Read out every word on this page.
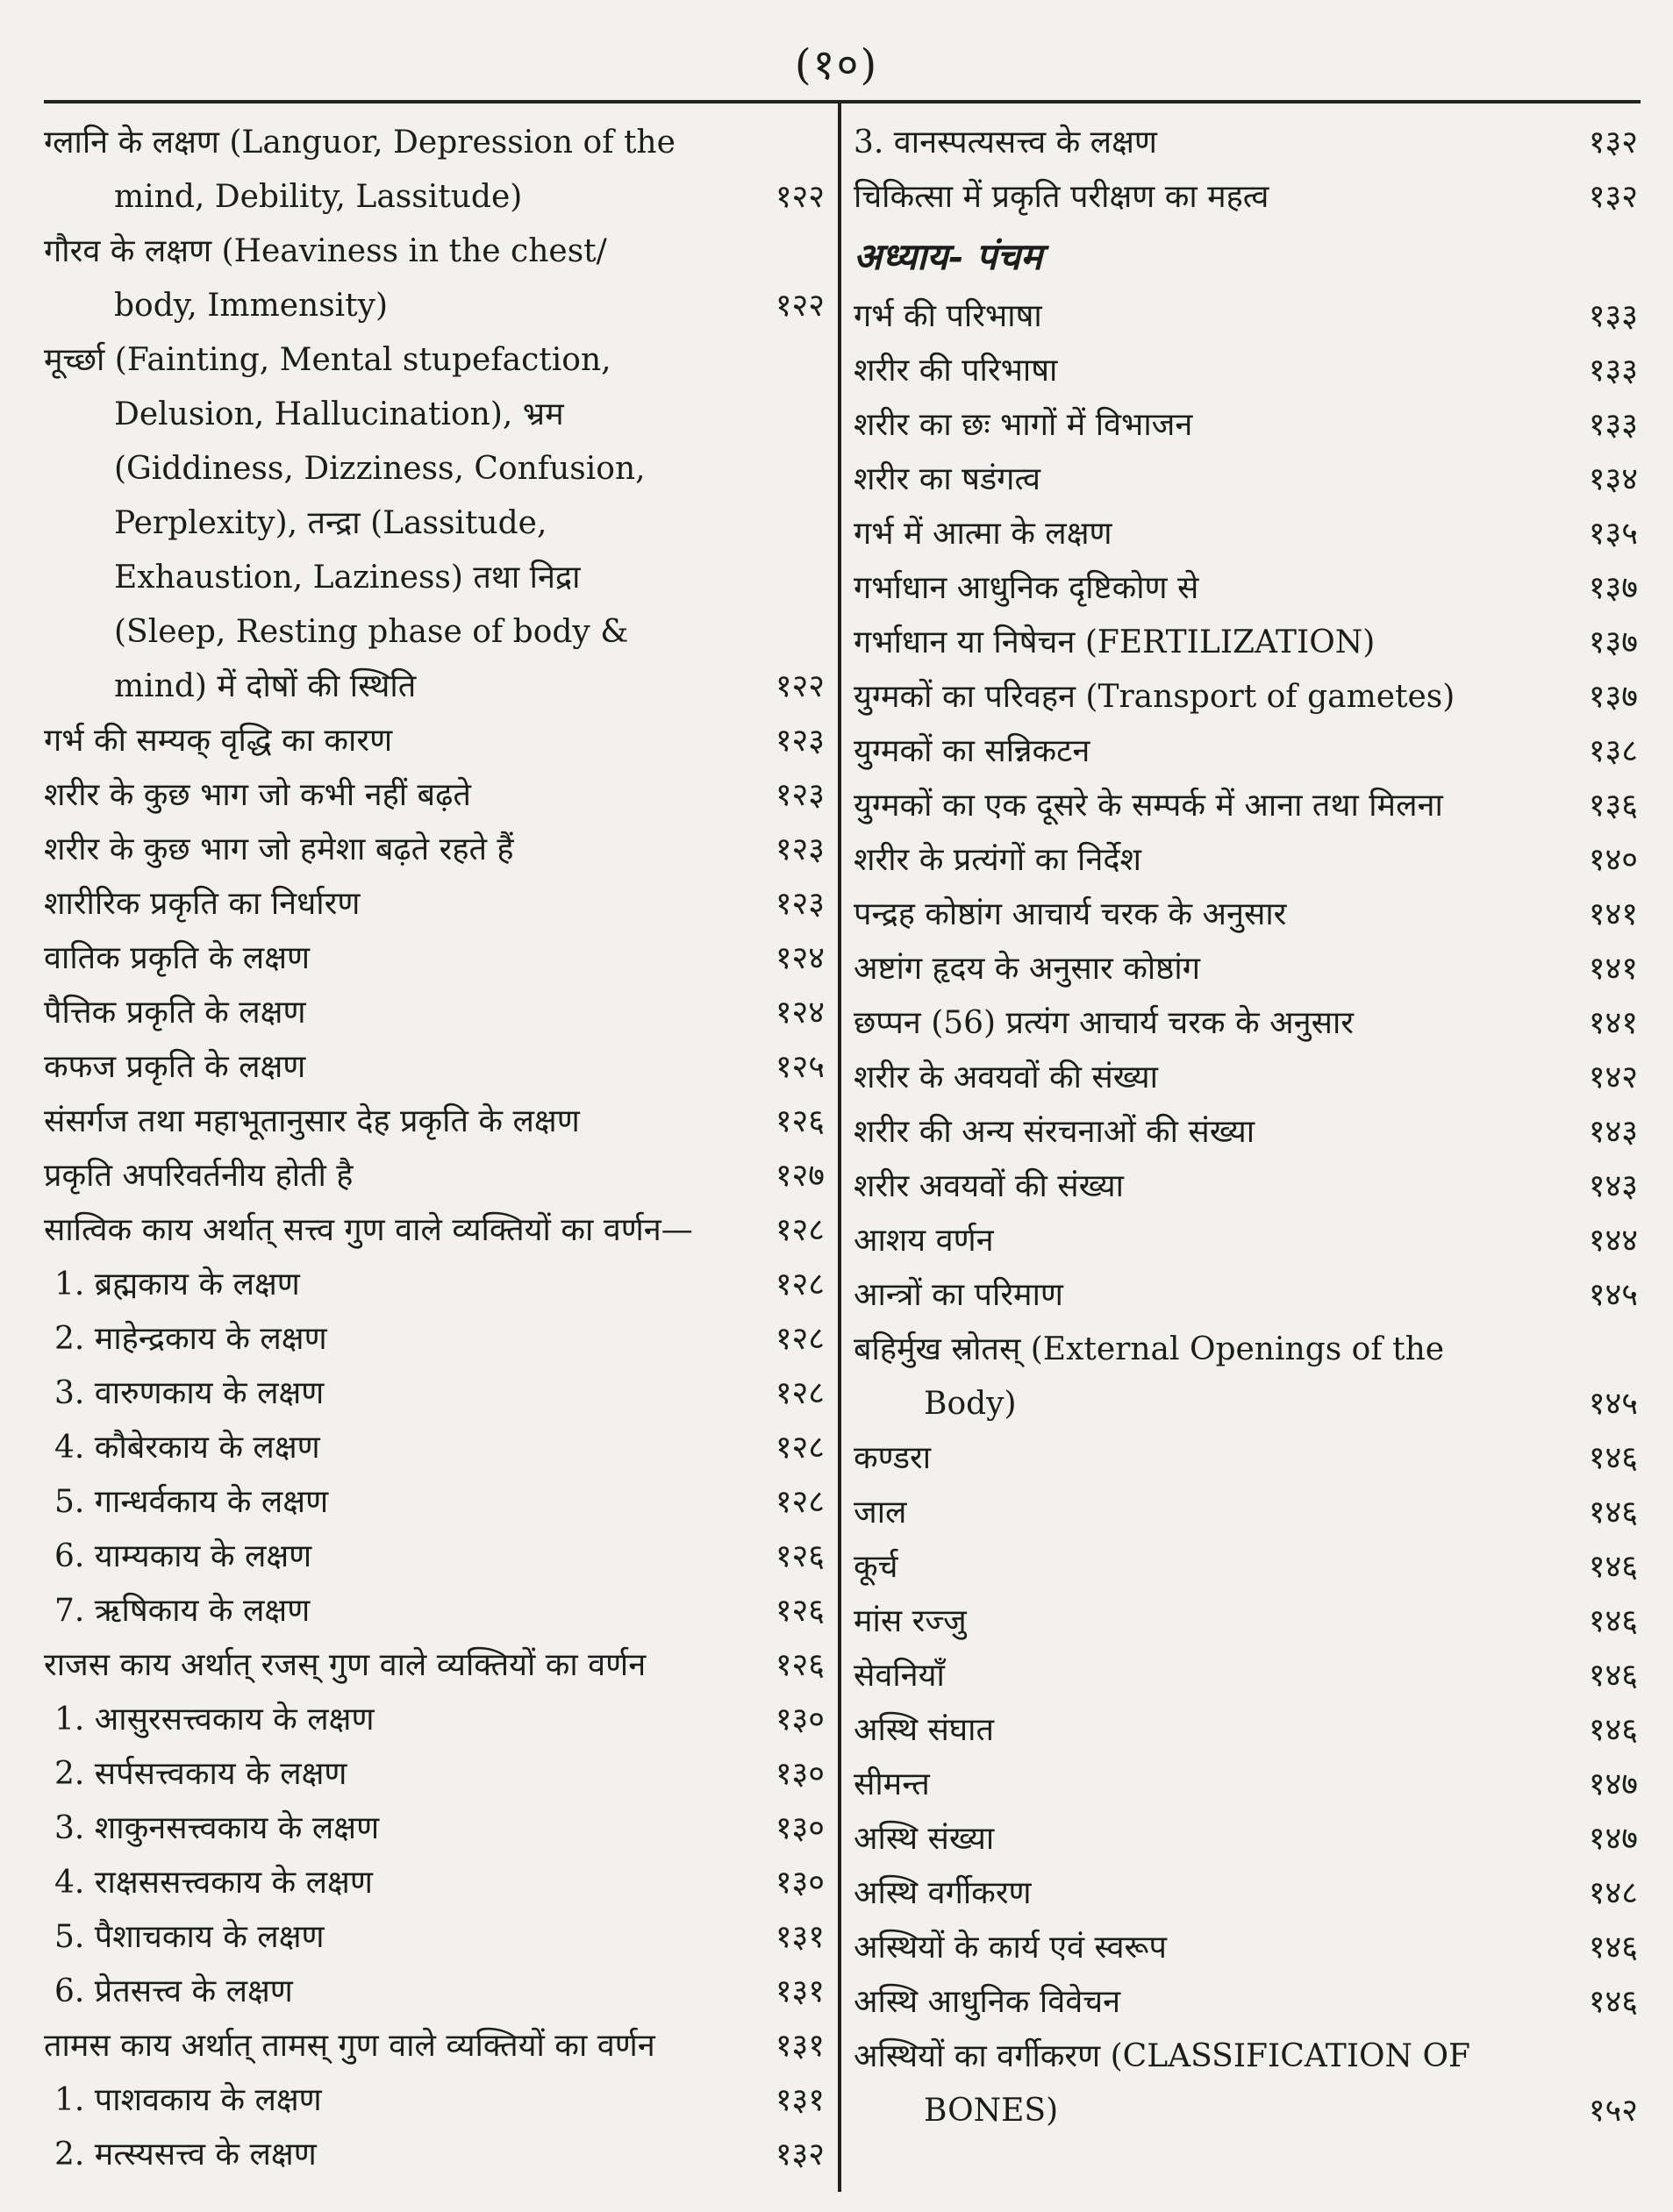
(१०)
ग्लानि के लक्षण (Languor, Depression of the mind, Debility, Lassitude)	१२२
गौरव के लक्षण (Heaviness in the chest/ body, Immensity)	१२२
मूर्च्छा (Fainting, Mental stupefaction, Delusion, Hallucination), भ्रम (Giddiness, Dizziness, Confusion, Perplexity), तन्द्रा (Lassitude, Exhaustion, Laziness) तथा निद्रा (Sleep, Resting phase of body & mind) में दोषों की स्थिति	१२२
गर्भ की सम्यक् वृद्धि का कारण	१२३
शरीर के कुछ भाग जो कभी नहीं बढ़ते	१२३
शरीर के कुछ भाग जो हमेशा बढ़ते रहते हैं	१२३
शारीरिक प्रकृति का निर्धारण	१२३
वातिक प्रकृति के लक्षण	१२४
पैत्तिक प्रकृति के लक्षण	१२४
कफज प्रकृति के लक्षण	१२५
संसर्गज तथा महाभूतानुसार देह प्रकृति के लक्षण	१२६
प्रकृति अपरिवर्तनीय होती है	१२७
सात्विक काय अर्थात् सत्त्व गुण वाले व्यक्तियों का वर्णन—	१२८
1. ब्रह्मकाय के लक्षण	१२८
2. माहेन्द्रकाय के लक्षण	१२८
3. वारुणकाय के लक्षण	१२८
4. कौबेरकाय के लक्षण	१२८
5. गान्धर्वकाय के लक्षण	१२८
6. याम्यकाय के लक्षण	१२६
7. ऋषिकाय के लक्षण	१२६
राजस काय अर्थात् रजस् गुण वाले व्यक्तियों का वर्णन	१२६
1. आसुरसत्त्वकाय के लक्षण	१३०
2. सर्पसत्त्वकाय के लक्षण	१३०
3. शाकुनसत्त्वकाय के लक्षण	१३०
4. राक्षससत्त्वकाय के लक्षण	१३०
5. पैशाचकाय के लक्षण	१३१
6. प्रेतसत्त्व के लक्षण	१३१
तामस काय अर्थात् तामस् गुण वाले व्यक्तियों का वर्णन	१३१
1. पाशवकाय के लक्षण	१३१
2. मत्स्यसत्त्व के लक्षण	१३२
3. वानस्पत्यसत्त्व के लक्षण	१३२
चिकित्सा में प्रकृति परीक्षण का महत्व	१३२
अध्याय- पंचम
गर्भ की परिभाषा	१३३
शरीर की परिभाषा	१३३
शरीर का छः भागों में विभाजन	१३३
शरीर का षडंगत्व	१३४
गर्भ में आत्मा के लक्षण	१३५
गर्भाधान आधुनिक दृष्टिकोण से	१३७
गर्भाधान या निषेचन (FERTILIZATION)	१३७
युग्मकों का परिवहन (Transport of gametes)	१३७
युग्मकों का सन्निकटन	१३८
युग्मकों का एक दूसरे के सम्पर्क में आना तथा मिलना	१३६
शरीर के प्रत्यंगों का निर्देश	१४०
पन्द्रह कोष्ठांग आचार्य चरक के अनुसार	१४१
अष्टांग हृदय के अनुसार कोष्ठांग	१४१
छप्पन (56) प्रत्यंग आचार्य चरक के अनुसार	१४१
शरीर के अवयवों की संख्या	१४२
शरीर की अन्य संरचनाओं की संख्या	१४३
शरीर अवयवों की संख्या	१४३
आशय वर्णन	१४४
आन्त्रों का परिमाण	१४५
बहिर्मुख स्रोतस् (External Openings of the Body)	१४५
कण्डरा	१४६
जाल	१४६
कूर्च	१४६
मांस रज्जु	१४६
सेवनियाँ	१४६
अस्थि संघात	१४६
सीमन्त	१४७
अस्थि संख्या	१४७
अस्थि वर्गीकरण	१४८
अस्थियों के कार्य एवं स्वरूप	१४६
अस्थि आधुनिक विवेचन	१४६
अस्थियों का वर्गीकरण (CLASSIFICATION OF BONES)	१५२
